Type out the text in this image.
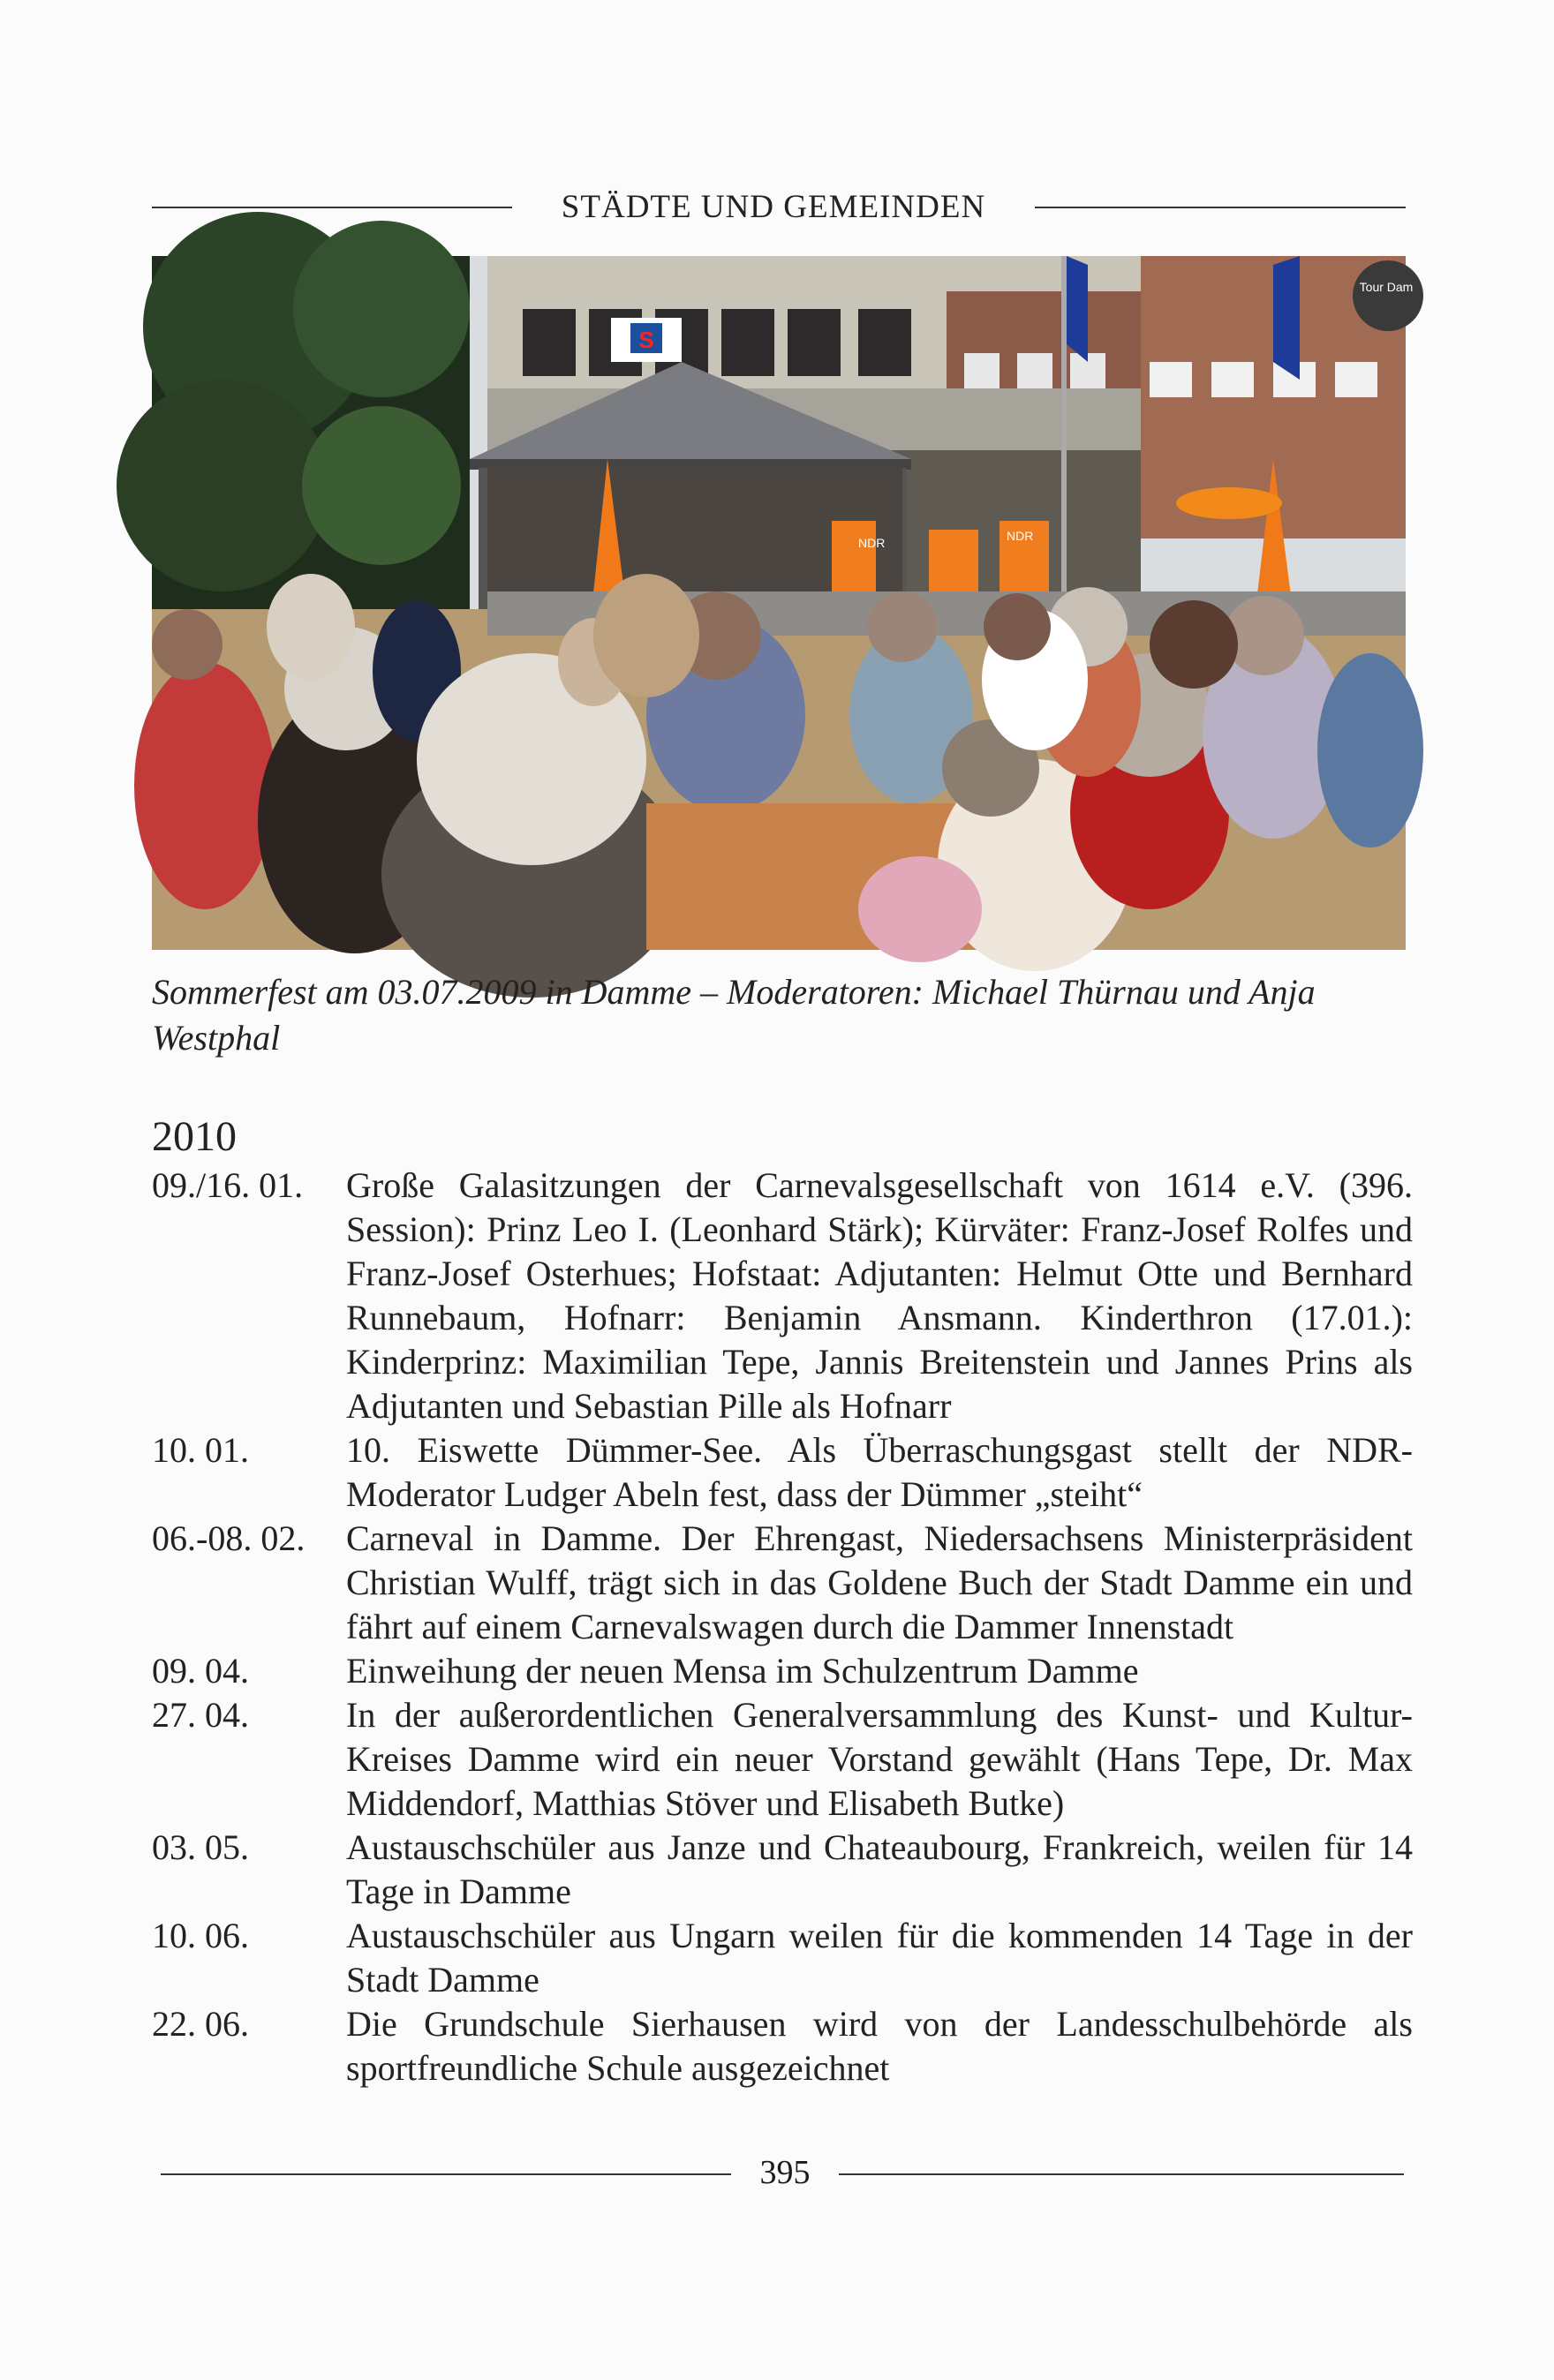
STÄDTE UND GEMEINDEN
S
Tour Dam
NDR	NDR
Sommerfest am 03.07.2009 in Damme – Moderatoren: Michael Thürnau und Anja Westphal
2010
09./16. 01.	Große Galasitzungen der Carnevalsgesellschaft von 1614 e.V. (396. Session): Prinz Leo I. (Leonhard Stärk); Kürväter: Franz-Josef Rolfes und Franz-Josef Osterhues; Hofstaat: Adjutanten: Helmut Otte und Bernhard Runnebaum, Hofnarr: Benjamin Ansmann. Kinderthron (17.01.): Kinderprinz: Maximilian Tepe, Jannis Breitenstein und Jannes Prins als Adjutanten und Sebastian Pille als Hofnarr
10. 01.	10. Eiswette Dümmer-See. Als Überraschungsgast stellt der NDR-Moderator Ludger Abeln fest, dass der Dümmer „steiht“
06.-08. 02.	Carneval in Damme. Der Ehrengast, Niedersachsens Ministerpräsident Christian Wulff, trägt sich in das Goldene Buch der Stadt Damme ein und fährt auf einem Carnevalswagen durch die Dammer Innenstadt
09. 04.	Einweihung der neuen Mensa im Schulzentrum Damme
27. 04.	In der außerordentlichen Generalversammlung des Kunst- und Kultur-Kreises Damme wird ein neuer Vorstand gewählt (Hans Tepe, Dr. Max Middendorf, Matthias Stöver und Elisabeth Butke)
03. 05.	Austauschschüler aus Janze und Chateaubourg, Frankreich, weilen für 14 Tage in Damme
10. 06.	Austauschschüler aus Ungarn weilen für die kommenden 14 Tage in der Stadt Damme
22. 06.	Die Grundschule Sierhausen wird von der Landesschulbehörde als sportfreundliche Schule ausgezeichnet
395
